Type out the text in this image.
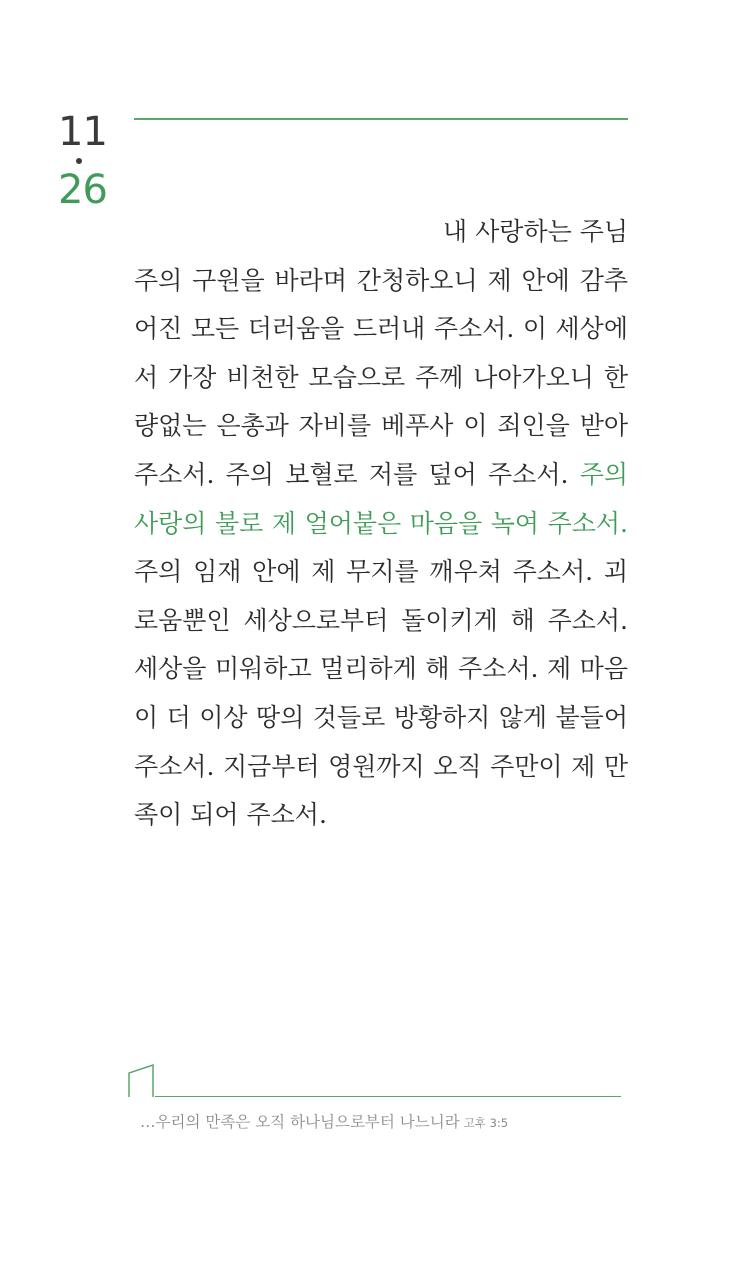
11
26
내 사랑하는 주님
주의 구원을 바라며 간청하오니 제 안에 감추어진 모든 더러움을 드러내 주소서. 이 세상에서 가장 비천한 모습으로 주께 나아가오니 한량없는 은총과 자비를 베푸사 이 죄인을 받아주소서. 주의 보혈로 저를 덮어 주소서. 주의 사랑의 불로 제 얼어붙은 마음을 녹여 주소서. 주의 임재 안에 제 무지를 깨우쳐 주소서. 괴로움뿐인 세상으로부터 돌이키게 해 주소서. 세상을 미워하고 멀리하게 해 주소서. 제 마음이 더 이상 땅의 것들로 방황하지 않게 붙들어 주소서. 지금부터 영원까지 오직 주만이 제 만족이 되어 주소서.
…우리의 만족은 오직 하나님으로부터 나느니라 고후 3:5
